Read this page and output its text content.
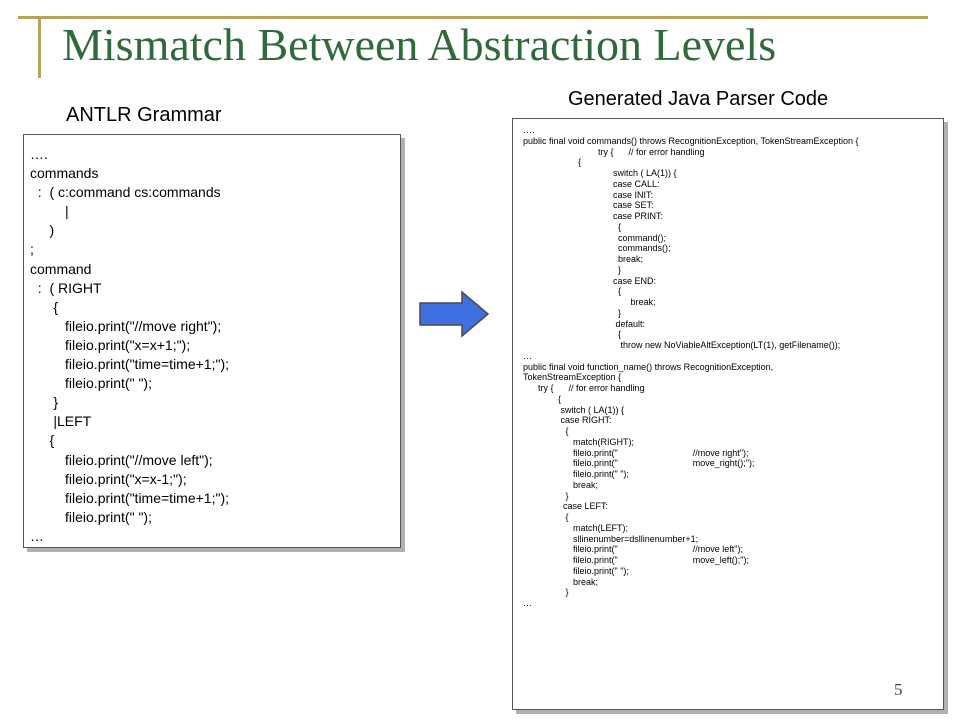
Mismatch Between Abstraction Levels
ANTLR Grammar
Generated Java Parser Code
….
commands
:  ( c:command cs:commands
|
)
;
command
:  ( RIGHT
{
fileio.print("//move right");
fileio.print("x=x+1;");
fileio.print("time=time+1;");
fileio.print(" ");
}
|LEFT
{
fileio.print("//move left");
fileio.print("x=x-1;");
fileio.print("time=time+1;");
fileio.print(" ");
…
….
public final void commands() throws RecognitionException, TokenStreamException {
try {      // for error handling
{
switch ( LA(1)) {
case CALL:
case INIT:
case SET:
case PRINT:
{
command();
commands();
break;
}
case END:
{
break;
}
default:
{
throw new NoViableAltException(LT(1), getFilename());
…
public final void function_name() throws RecognitionException,
TokenStreamException {
try {      // for error handling
{
switch ( LA(1)) {
case RIGHT:
{
match(RIGHT);
fileio.print("                              //move right");
fileio.print("                              move_right();");
fileio.print(" ");
break;
}
case LEFT:
{
match(LEFT);
sllinenumber=dsllinenumber+1;
fileio.print("                              //move left");
fileio.print("                              move_left();");
fileio.print(" ");
break;
}
…
5
